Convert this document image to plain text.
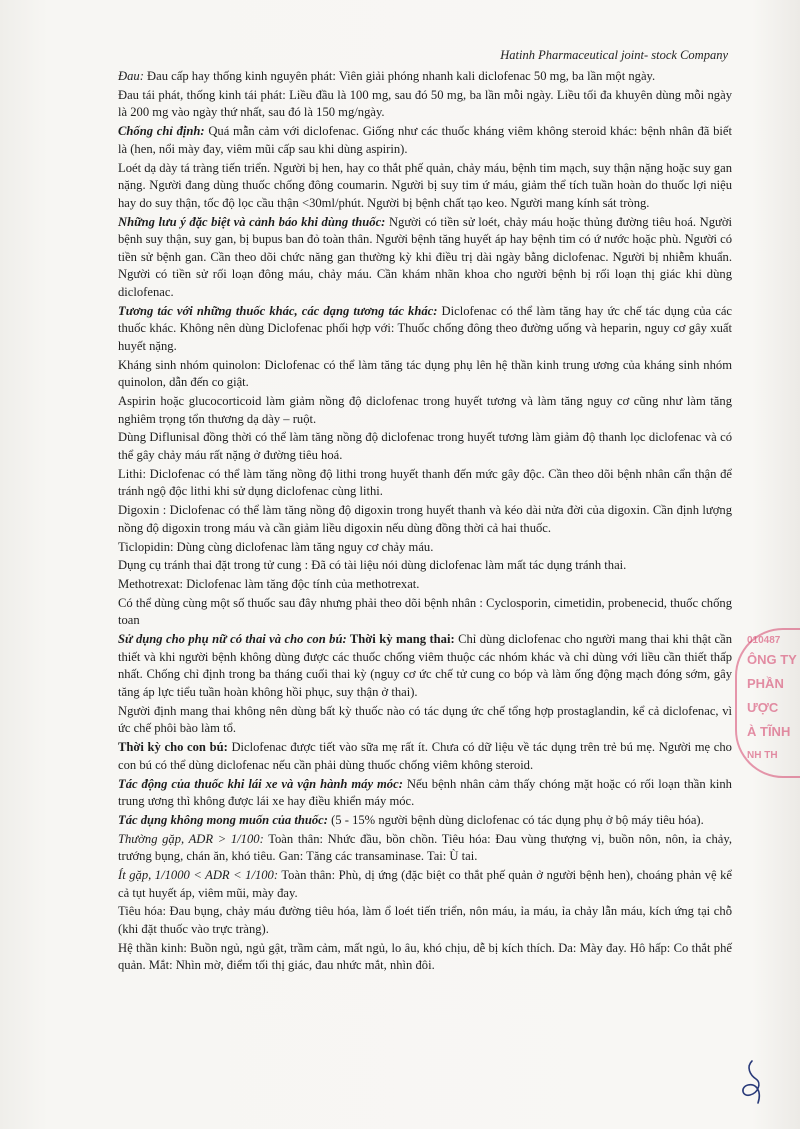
Hatinh Pharmaceutical joint- stock Company

Đau: Đau cấp hay thống kinh nguyên phát: Viên giải phóng nhanh kali diclofenac 50 mg, ba lần một ngày.

Đau tái phát, thống kinh tái phát: Liều đầu là 100 mg, sau đó 50 mg, ba lần mỗi ngày. Liều tối đa khuyên dùng mỗi ngày là 200 mg vào ngày thứ nhất, sau đó là 150 mg/ngày.

Chống chỉ định: Quá mẫn cảm với diclofenac. Giống như các thuốc kháng viêm không steroid khác: bệnh nhân đã biết là (hen, nổi mày đay, viêm mũi cấp sau khi dùng aspirin).

Loét dạ dày tá tràng tiến triển. Người bị hen, hay co thắt phế quản, chảy máu, bệnh tim mạch, suy thận nặng hoặc suy gan nặng. Người đang dùng thuốc chống đông coumarin. Người bị suy tim ứ máu, giảm thể tích tuần hoàn do thuốc lợi niệu hay do suy thận, tốc độ lọc cầu thận <30ml/phút. Người bị bệnh chất tạo keo. Người mang kính sát tròng.

Những lưu ý đặc biệt và cảnh báo khi dùng thuốc: Người có tiền sử loét, chảy máu hoặc thủng đường tiêu hoá. Người bệnh suy thận, suy gan, bị bupus ban đỏ toàn thân. Người bệnh tăng huyết áp hay bệnh tim có ứ nước hoặc phù. Người có tiền sử bệnh gan. Cần theo dõi chức năng gan thường kỳ khi điều trị dài ngày bằng diclofenac. Người bị nhiễm khuẩn. Người có tiền sử rối loạn đông máu, chảy máu. Cần khám nhãn khoa cho người bệnh bị rối loạn thị giác khi dùng diclofenac.

Tương tác với những thuốc khác, các dạng tương tác khác: Diclofenac có thể làm tăng hay ức chế tác dụng của các thuốc khác. Không nên dùng Diclofenac phối hợp với: Thuốc chống đông theo đường uống và heparin, nguy cơ gây xuất huyết nặng.

Kháng sinh nhóm quinolon: Diclofenac có thể làm tăng tác dụng phụ lên hệ thần kinh trung ương của kháng sinh nhóm quinolon, dẫn đến co giật.

Aspirin hoặc glucocorticoid làm giảm nồng độ diclofenac trong huyết tương và làm tăng nguy cơ cũng như làm tăng nghiêm trọng tổn thương dạ dày – ruột.

Dùng Diflunisal đồng thời có thể làm tăng nồng độ diclofenac trong huyết tương làm giảm độ thanh lọc diclofenac và có thể gây chảy máu rất nặng ở đường tiêu hoá.

Lithi: Diclofenac có thể làm tăng nồng độ lithi trong huyết thanh đến mức gây độc. Cần theo dõi bệnh nhân cẩn thận để tránh ngộ độc lithi khi sử dụng diclofenac cùng lithi.

Digoxin : Diclofenac có thể làm tăng nồng độ digoxin trong huyết thanh và kéo dài nửa đời của digoxin. Cần định lượng nồng độ digoxin trong máu và cần giảm liều digoxin nếu dùng đồng thời cả hai thuốc.

Ticlopidin: Dùng cùng diclofenac làm tăng nguy cơ chảy máu.

Dụng cụ tránh thai đặt trong tử cung : Đã có tài liệu nói dùng diclofenac làm mất tác dụng tránh thai.

Methotrexat: Diclofenac làm tăng độc tính của methotrexat.

Có thể dùng cùng một số thuốc sau đây nhưng phải theo dõi bệnh nhân : Cyclosporin, cimetidin, probenecid, thuốc chống toan

Sử dụng cho phụ nữ có thai và cho con bú: Thời kỳ mang thai: Chỉ dùng diclofenac cho người mang thai khi thật cần thiết và khi người bệnh không dùng được các thuốc chống viêm thuộc các nhóm khác và chỉ dùng với liều cần thiết thấp nhất. Chống chỉ định trong ba tháng cuối thai kỳ (nguy cơ ức chế tử cung co bóp và làm ống động mạch đóng sớm, gây tăng áp lực tiểu tuần hoàn không hồi phục, suy thận ở thai).

Người định mang thai không nên dùng bất kỳ thuốc nào có tác dụng ức chế tổng hợp prostaglandin, kể cả diclofenac, vì ức chế phôi bào làm tổ.

Thời kỳ cho con bú: Diclofenac được tiết vào sữa mẹ rất ít. Chưa có dữ liệu về tác dụng trên trẻ bú mẹ. Người mẹ cho con bú có thể dùng diclofenac nếu cần phải dùng thuốc chống viêm không steroid.

Tác động của thuốc khi lái xe và vận hành máy móc: Nếu bệnh nhân cảm thấy chóng mặt hoặc có rối loạn thần kinh trung ương thì không được lái xe hay điều khiển máy móc.

Tác dụng không mong muốn của thuốc: (5 - 15% người bệnh dùng diclofenac có tác dụng phụ ở bộ máy tiêu hóa).

Thường gặp, ADR > 1/100: Toàn thân: Nhức đầu, bồn chồn. Tiêu hóa: Đau vùng thượng vị, buồn nôn, nôn, ỉa chảy, trướng bụng, chán ăn, khó tiêu. Gan: Tăng các transaminase. Tai: Ù tai.

Ít gặp, 1/1000 < ADR < 1/100: Toàn thân: Phù, dị ứng (đặc biệt co thắt phế quản ở người bệnh hen), choáng phản vệ kể cả tụt huyết áp, viêm mũi, mày đay.

Tiêu hóa: Đau bụng, chảy máu đường tiêu hóa, làm ổ loét tiến triển, nôn máu, ỉa máu, ỉa chảy lẫn máu, kích ứng tại chỗ (khi đặt thuốc vào trực tràng).

Hệ thần kinh: Buồn ngủ, ngủ gật, trầm cảm, mất ngủ, lo âu, khó chịu, dễ bị kích thích. Da: Mày đay. Hô hấp: Co thắt phế quản. Mắt: Nhìn mờ, điểm tối thị giác, đau nhức mắt, nhìn đôi.

010487
ÔNG TY
PHẦN
ƯỢC
À TĨNH
NH TH
